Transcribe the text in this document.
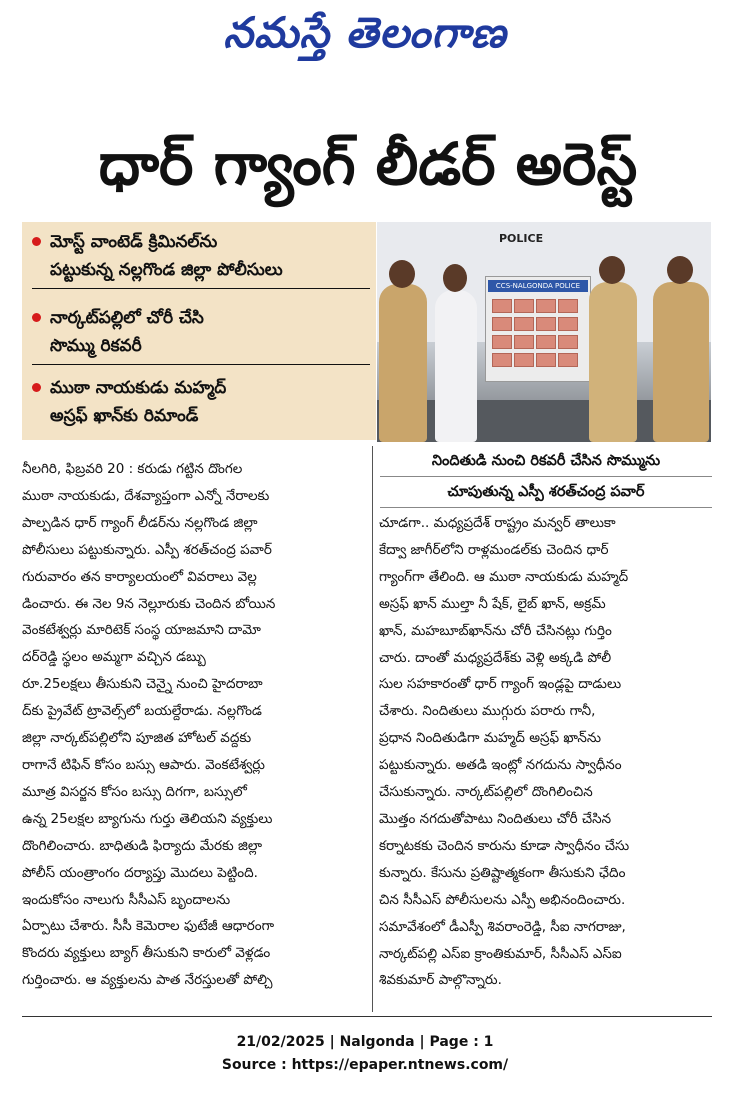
నమస్తే తెలంగాణ
ధార్ గ్యాంగ్ లీడర్ అరెస్ట్
మోస్ట్ వాంటెడ్ క్రిమినల్‌ను
పట్టుకున్న నల్లగొండ జిల్లా పోలీసులు
నార్కట్‌పల్లిలో చోరీ చేసి
సొమ్ము రికవరీ
ముఠా నాయకుడు మహ్మద్
అస్రఫ్ ఖాన్‌కు రిమాండ్
POLICE
CCS-NALGONDA POLICE
నిందితుడి నుంచి రికవరీ చేసిన సొమ్మును
చూపుతున్న ఎస్పీ శరత్‌చంద్ర పవార్
నీలగిరి, ఫిబ్రవరి 20 : కరుడు గట్టిన దొంగల
ముఠా నాయకుడు, దేశవ్యాప్తంగా ఎన్నో నేరాలకు
పాల్పడిన ధార్ గ్యాంగ్ లీడర్‌ను నల్లగొండ జిల్లా
పోలీసులు పట్టుకున్నారు. ఎస్పీ శరత్‌చంద్ర పవార్
గురువారం తన కార్యాలయంలో వివరాలు వెల్ల
డించారు. ఈ నెల 9న నెల్లూరుకు చెందిన బోయిన
వెంకటేశ్వర్లు మారిటెక్ సంస్థ యాజమాని దామో
దర్‌రెడ్డి స్థలం అమ్మగా వచ్చిన డబ్బు
రూ.25లక్షలు తీసుకుని చెన్నై నుంచి హైదరాబా
ద్‌కు ప్రైవేట్ ట్రావెల్స్‌లో బయల్దేరాడు. నల్లగొండ
జిల్లా నార్కట్‌పల్లిలోని పూజిత హోటల్ వద్దకు
రాగానే టిఫిన్ కోసం బస్సు ఆపారు. వెంకటేశ్వర్లు
మూత్ర విసర్జన కోసం బస్సు దిగగా, బస్సులో
ఉన్న 25లక్షల బ్యాగును గుర్తు తెలియని వ్యక్తులు
దొంగిలించారు. బాధితుడి ఫిర్యాదు మేరకు జిల్లా
పోలీస్ యంత్రాంగం దర్యాప్తు మొదలు పెట్టింది.
ఇందుకోసం నాలుగు సీసీఎస్ బృందాలను
ఏర్పాటు చేశారు. సీసీ కెమెరాల ఫుటేజీ ఆధారంగా
కొందరు వ్యక్తులు బ్యాగ్ తీసుకుని కారులో వెళ్లడం
గుర్తించారు. ఆ వ్యక్తులను పాత నేరస్తులతో పోల్చి
చూడగా.. మధ్యప్రదేశ్ రాష్ట్రం మన్వర్ తాలుకా
కేద్వా జాగీర్‌లోని రాళ్లమండల్‌కు చెందిన ధార్
గ్యాంగ్‌గా తేలింది. ఆ ముఠా నాయకుడు మహ్మద్
అస్రఫ్ ఖాన్ ముల్తా నీ షేక్, లైబ్ ఖాన్, అక్రమ్
ఖాన్, మహబూబ్‌ఖాన్‌ను చోరీ చేసినట్లు గుర్తిం
చారు. దాంతో మధ్యప్రదేశ్‌కు వెళ్లి అక్కడి పోలీ
సుల సహకారంతో ధార్ గ్యాంగ్ ఇండ్లపై దాడులు
చేశారు. నిందితులు ముగ్గురు పరారు గానీ,
ప్రధాన నిందితుడిగా మహ్మద్ అస్రఫ్ ఖాన్‌ను
పట్టుకున్నారు. అతడి ఇంట్లో నగదును స్వాధీనం
చేసుకున్నారు. నార్కట్‌పల్లిలో దొంగిలించిన
మొత్తం నగదుతోపాటు నిందితులు చోరీ చేసిన
కర్నాటకకు చెందిన కారును కూడా స్వాధీనం చేసు
కున్నారు. కేసును ప్రతిష్టాత్మకంగా తీసుకుని ఛేదిం
చిన సీసీఎస్ పోలీసులను ఎస్పీ అభినందించారు.
సమావేశంలో డీఎస్పీ శివరాంరెడ్డి, సీఐ నాగరాజు,
నార్కట్‌పల్లి ఎస్ఐ క్రాంతికుమార్, సీసీఎస్ ఎస్ఐ
శివకుమార్ పాల్గొన్నారు.
21/02/2025 | Nalgonda | Page : 1
Source : https://epaper.ntnews.com/
